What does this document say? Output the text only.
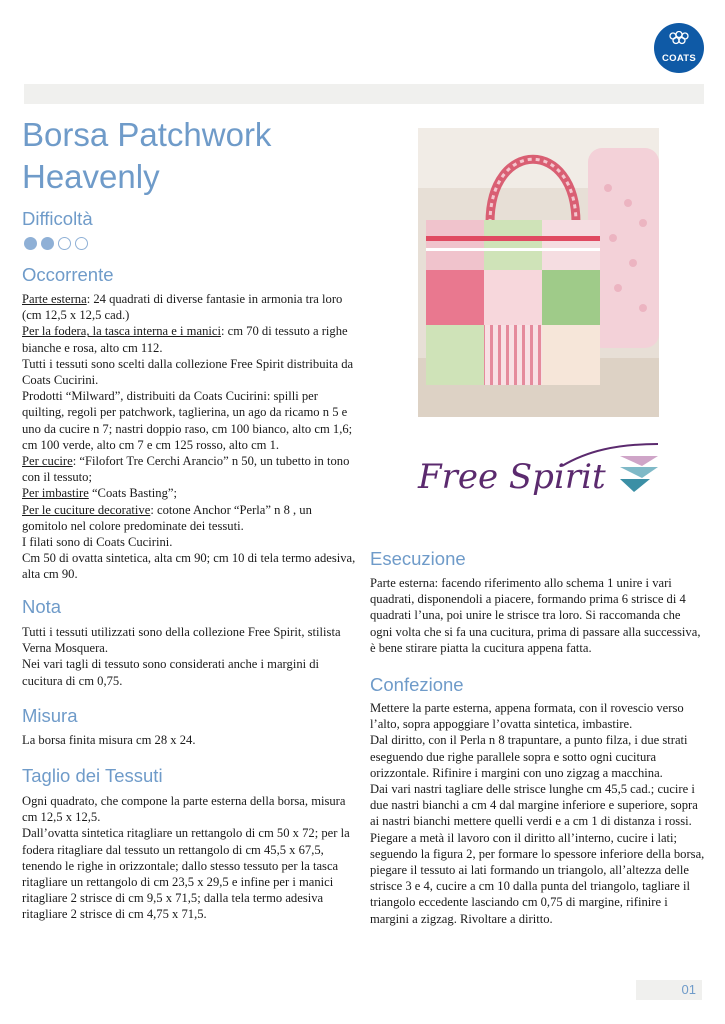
COATS
Borsa Patchwork
Heavenly
Difficoltà
Occorrente

Parte esterna: 24 quadrati di diverse fantasie in armonia tra loro (cm 12,5 x 12,5 cad.)

Per la fodera, la tasca interna e i manici: cm 70 di tessuto a righe bianche e rosa, alto cm 112.

Tutti i tessuti sono scelti dalla collezione Free Spirit distribuita da Coats Cucirini.

Prodotti “Milward”, distribuiti da Coats Cucirini: spilli per quilting, regoli per patchwork, taglierina, un ago da ricamo n 5 e uno da cucire n 7; nastri doppio raso, cm 100 bianco, alto cm 1,6; cm 100 verde, alto cm 7 e cm 125 rosso, alto cm 1.

Per cucire: “Filofort Tre Cerchi Arancio” n 50, un tubetto in tono con il tessuto;

Per imbastire “Coats Basting”;

Per le cuciture decorative: cotone Anchor “Perla” n 8 , un gomitolo nel colore predominate dei tessuti.

I filati sono di Coats Cucirini.

Cm 50 di ovatta sintetica, alta cm 90; cm 10 di tela termo adesiva, alta cm 90.

Nota

Tutti i tessuti utilizzati sono della collezione Free Spirit, stilista Verna Mosquera.

Nei vari tagli di tessuto sono considerati anche i margini di cucitura di cm 0,75.

Misura

La borsa finita misura cm 28 x 24.

Taglio dei Tessuti

Ogni quadrato, che compone la parte esterna della borsa, misura cm 12,5 x 12,5.

Dall’ovatta sintetica ritagliare un rettangolo di cm 50 x 72; per la fodera ritagliare dal tessuto un rettangolo di cm 45,5 x 67,5, tenendo le righe in orizzontale; dallo stesso tessuto per la tasca ritagliare un rettangolo di cm 23,5 x 29,5 e infine per i manici ritagliare 2 strisce di cm 9,5 x 71,5; dalla tela termo adesiva ritagliare 2 strisce di cm 4,75 x 71,5.

Free Spirit
Esecuzione

Parte esterna: facendo riferimento allo schema 1 unire i vari quadrati, disponendoli a piacere, formando prima 6 strisce di 4 quadrati l’una, poi unire le strisce tra loro. Si raccomanda che ogni volta che si fa una cucitura, prima di passare alla successiva, è bene stirare piatta la cucitura appena fatta.

Confezione

Mettere la parte esterna, appena formata, con il rovescio verso l’alto, sopra appoggiare l’ovatta sintetica, imbastire.

Dal diritto, con il Perla n 8 trapuntare, a punto filza, i due strati eseguendo due righe parallele sopra e sotto ogni cucitura orizzontale. Rifinire i margini con uno zigzag a macchina.

Dai vari nastri tagliare delle strisce lunghe cm 45,5 cad.; cucire i due nastri bianchi a cm 4 dal margine inferiore e superiore, sopra ai nastri bianchi mettere quelli verdi e a cm 1 di distanza i rossi. Piegare a metà il lavoro con il diritto all’interno, cucire i lati; seguendo la figura 2, per formare lo spessore inferiore della borsa, piegare il tessuto ai lati formando un triangolo, all’altezza delle strisce 3 e 4, cucire a cm 10 dalla punta del triangolo, tagliare il triangolo eccedente lasciando cm 0,75 di margine, rifinire i margini a zigzag. Rivoltare a diritto.

01
